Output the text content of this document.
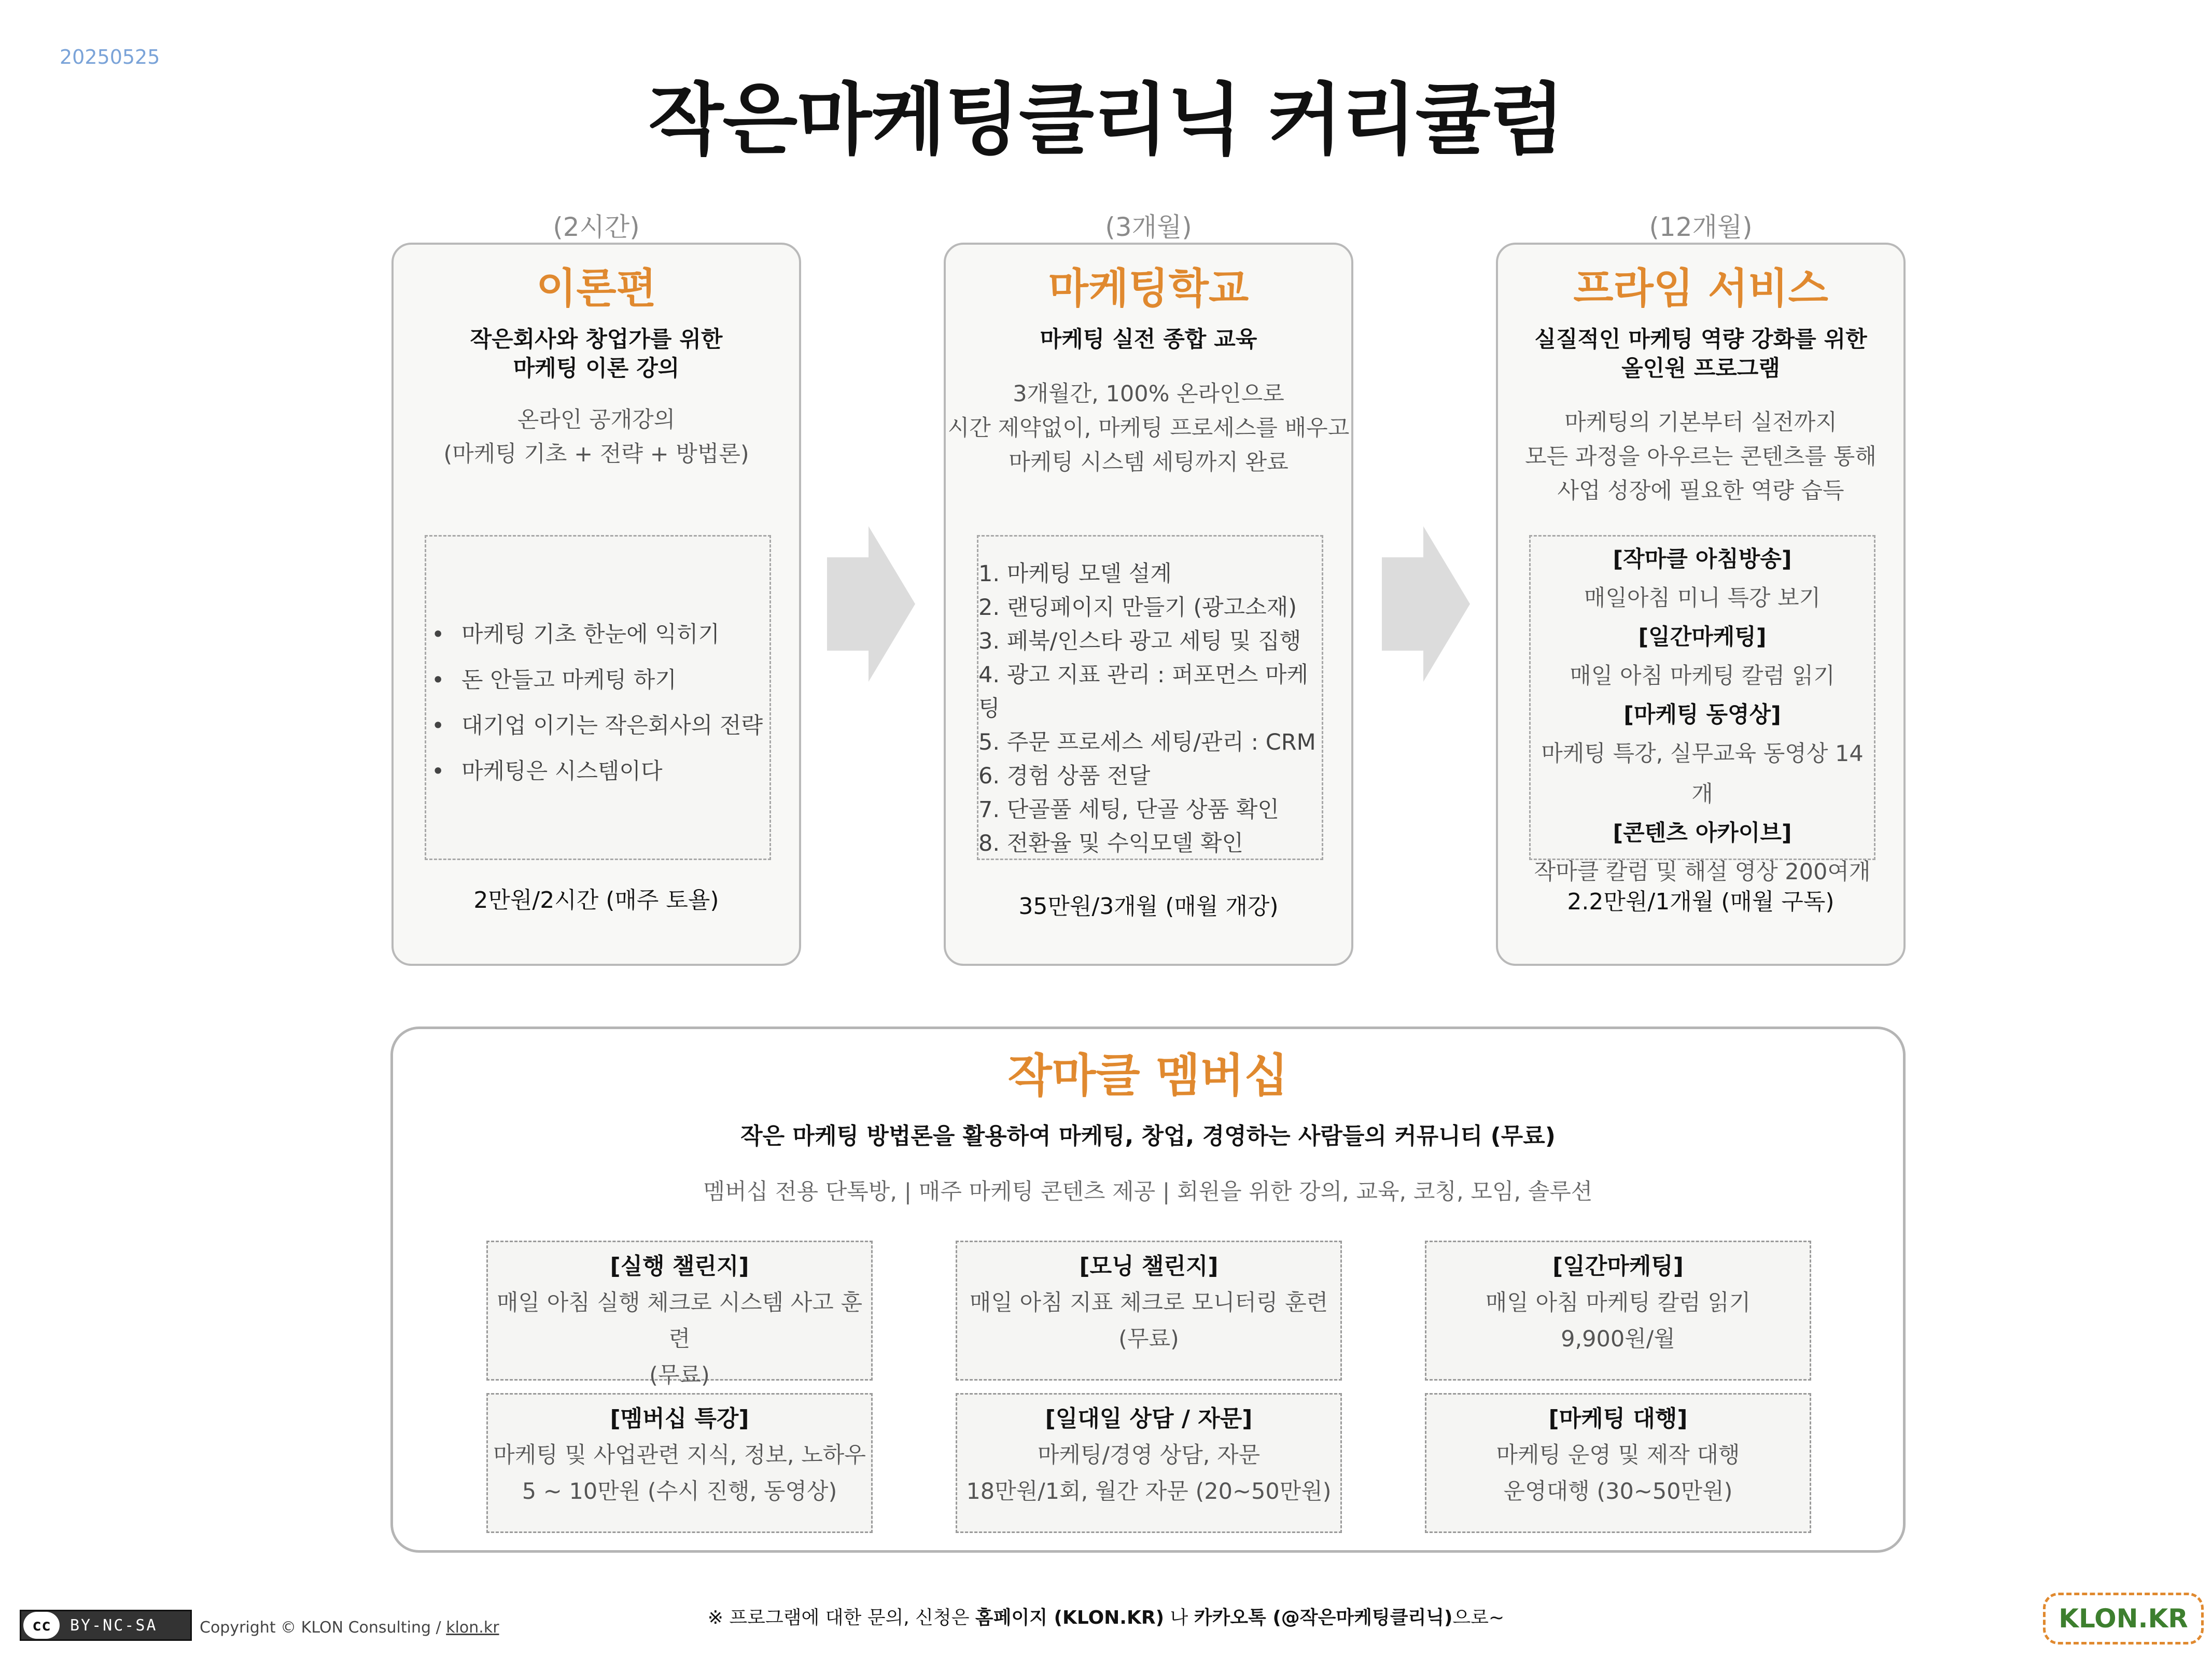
20250525
작은마케팅클리닉 커리큘럼
(2시간)
이론편
작은회사와 창업가를 위한
마케팅 이론 강의
온라인 공개강의
(마케팅 기초 + 전략 + 방법론)
• 마케팅 기초 한눈에 익히기
• 돈 안들고 마케팅 하기
• 대기업 이기는 작은회사의 전략
• 마케팅은 시스템이다
2만원/2시간 (매주 토욜)
(3개월)
마케팅학교
마케팅 실전 종합 교육
3개월간, 100% 온라인으로
시간 제약없이, 마케팅 프로세스를 배우고
마케팅 시스템 세팅까지 완료
1. 마케팅 모델 설계
2. 랜딩페이지 만들기 (광고소재)
3. 페북/인스타 광고 세팅 및 집행
4. 광고 지표 관리 : 퍼포먼스 마케팅
5. 주문 프로세스 세팅/관리 : CRM
6. 경험 상품 전달
7. 단골풀 세팅, 단골 상품 확인
8. 전환율 및 수익모델 확인
35만원/3개월 (매월 개강)
(12개월)
프라임 서비스
실질적인 마케팅 역량 강화를 위한
올인원 프로그램
마케팅의 기본부터 실전까지
모든 과정을 아우르는 콘텐츠를 통해
사업 성장에 필요한 역량 습득
[작마클 아침방송]
매일아침 미니 특강 보기
[일간마케팅]
매일 아침 마케팅 칼럼 읽기
[마케팅 동영상]
마케팅 특강, 실무교육 동영상 14개
[콘텐츠 아카이브]
작마클 칼럼 및 해설 영상 200여개
2.2만원/1개월 (매월 구독)
작마클 멤버십
작은 마케팅 방법론을 활용하여 마케팅, 창업, 경영하는 사람들의 커뮤니티 (무료)
멤버십 전용 단톡방, | 매주 마케팅 콘텐츠 제공 | 회원을 위한 강의, 교육, 코칭, 모임, 솔루션
[실행 챌린지]
매일 아침 실행 체크로 시스템 사고 훈련
(무료)
[모닝 챌린지]
매일 아침 지표 체크로 모니터링 훈련
(무료)
[일간마케팅]
매일 아침 마케팅 칼럼 읽기
9,900원/월
[멤버십 특강]
마케팅 및 사업관련 지식, 정보, 노하우
5 ~ 10만원 (수시 진행, 동영상)
[일대일 상담 / 자문]
마케팅/경영 상담, 자문
18만원/1회, 월간 자문 (20~50만원)
[마케팅 대행]
마케팅 운영 및 제작 대행
운영대행 (30~50만원)
cc	BY-NC-SA	Copyright © KLON Consulting / klon.kr	※ 프로그램에 대한 문의, 신청은 홈페이지 (KLON.KR) 나 카카오톡 (@작은마케팅클리닉)으로~	KLON.KR
